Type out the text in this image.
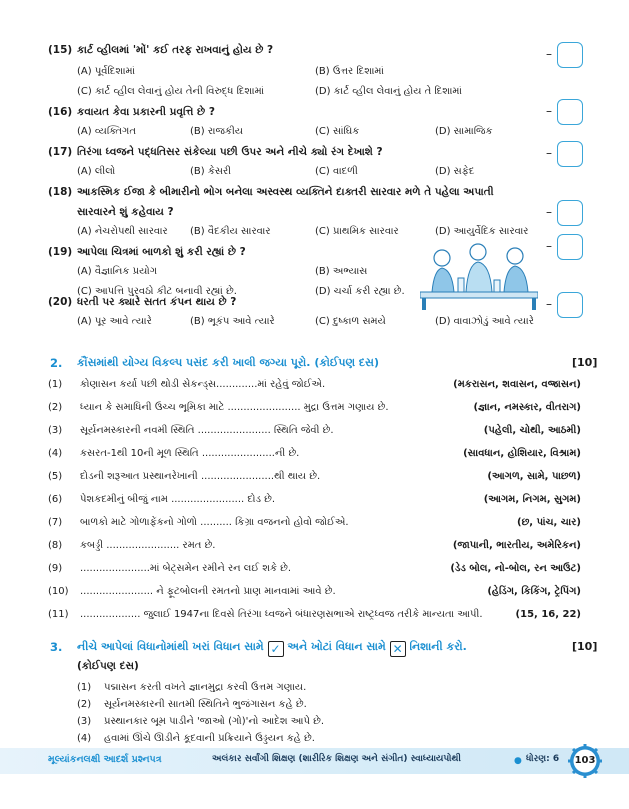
(15) કાર્ટ વ્હીલમાં 'મોં' કઈ તરફ રાખવાનું હોય છે ?
(A) પૂર્વદિશામાં	(B) ઉત્તર દિશામાં
(C) કાર્ટ વ્હીલ લેવાનું હોય તેની વિરુદ્ધ દિશામાં	(D) કાર્ટ વ્હીલ લેવાનું હોય તે દિશામાં
–
(16) કવાયત કેવા પ્રકારની પ્રવૃત્તિ છે ?
(A) વ્યક્તિગત	(B) રાજકીય	(C) સાંઘિક	(D) સામાજિક
–
(17) તિરંગા ધ્વજને પદ્ધતિસર સંકેલ્યા પછી ઉપર અને નીચે ક્યો રંગ દેખાશે ?
(A) લીલો	(B) કેસરી	(C) વાદળી	(D) સફેદ
–
(18) આકસ્મિક ઈજા કે બીમારીનો ભોગ બનેલા અસ્વસ્થ વ્યક્તિને દાક્તરી સારવાર મળે તે પહેલા અપાતી
સારવારને શું કહેવાય ?
(A) નેચરોપથી સારવાર (B) વૈદકીય સારવાર	(C) પ્રાથમિક સારવાર	(D) આયુર્વેદિક સારવાર
–
(19) આપેલા ચિત્રમાં બાળકો શું કરી રહ્યાં છે ?
(A) વૈજ્ઞાનિક પ્રયોગ	(B) અભ્યાસ
(C) આપત્તિ પુરવઠો કીટ બનાવી રહ્યાં છે.	(D) ચર્ચા કરી રહ્યા છે.
–
(20) ધરતી પર ક્યારે સતત કંપન થાય છે ?
(A) પૂર આવે ત્યારે	(B) ભૂકંપ આવે ત્યારે	(C) દુષ્કાળ સમયે	(D) વાવાઝોડું આવે ત્યારે
–
2. કૌંસમાંથી યોગ્ય વિકલ્પ પસંદ કરી ખાલી જગ્યા પૂરો. (કોઈપણ દસ)	[10]
(1) કોણાસન કર્યા પછી થોડી સેકન્ડ્સ.............માં રહેવું જોઈએ.	(મકરાસન, શવાસન, વજ્રાસન)
(2) ધ્યાન કે સમાધિની ઉચ્ચ ભૂમિકા માટે ....................... મુદ્રા ઉત્તમ ગણાય છે.	(જ્ઞાન, નમસ્કાર, વીતરાગ)
(3) સૂર્યનમસ્કારની નવમી સ્થિતિ ....................... સ્થિતિ જેવી છે.	(પહેલી, ચોથી, આઠમી)
(4) કસરત-1થી 10ની મૂળ સ્થિતિ .......................ની છે.	(સાવધાન, હોશિયાર, વિશ્રામ)
(5) દોડની શરૂઆત પ્રસ્થાનરેખાની .......................થી થાય છે.	(આગળ, સામે, પાછળ)
(6) પેશકદમીનું બીજું નામ ....................... દોડ છે.	(આગમ, નિગમ, સુગમ)
(7) બાળકો માટે ગોળાફેંકનો ગોળો .......... કિગ્રા વજનનો હોવો જોઈએ.	(છ, પાંચ, ચાર)
(8) કબડ્ડી ....................... રમત છે.	(જાપાની, ભારતીય, અમેરિકન)
(9) ......................માં બેટ્સમેન રમીને રન લઈ શકે છે.	(ડેડ બોલ, નો-બોલ, રન આઉટ)
(10) ....................... ને ફૂટબોલની રમતનો પ્રાણ માનવામાં આવે છે.	(હેડિંગ, કિકિંગ, ટ્રેપિંગ)
(11) ................... જુલાઈ 1947ના દિવસે તિરંગા ધ્વજને બંધારણસભાએ રાષ્ટ્રધ્વજ તરીકે માન્યતા આપી.	(15, 16, 22)
3. નીચે આપેલાં વિધાનોમાંથી ખરાં વિધાન સામે ✓ અને ખોટાં વિધાન સામે ✕ નિશાની કરો.	[10]
(કોઈપણ દસ)
(1) પદ્માસન કરતી વખતે જ્ઞાનમુદ્રા કરવી ઉત્તમ ગણાય.
(2) સૂર્યનમસ્કારની સાતમી સ્થિતિને ભુજંગાસન કહે છે.
(3) પ્રસ્થાનકાર બૂમ પાડીને 'જાઓ (ગો)'નો આદેશ આપે છે.
(4) હવામાં ઊંચે ઊડીને કૂદવાની પ્રક્રિયાને ઉડ્ડયન કહે છે.
મૂલ્યાંકનલક્ષી આદર્શ પ્રશ્નપત્ર	અલંકાર સર્વાંગી શિક્ષણ (શારીરિક શિક્ષણ અને સંગીત) સ્વાધ્યાયપોથી	ધોરણ: 6
●	103
